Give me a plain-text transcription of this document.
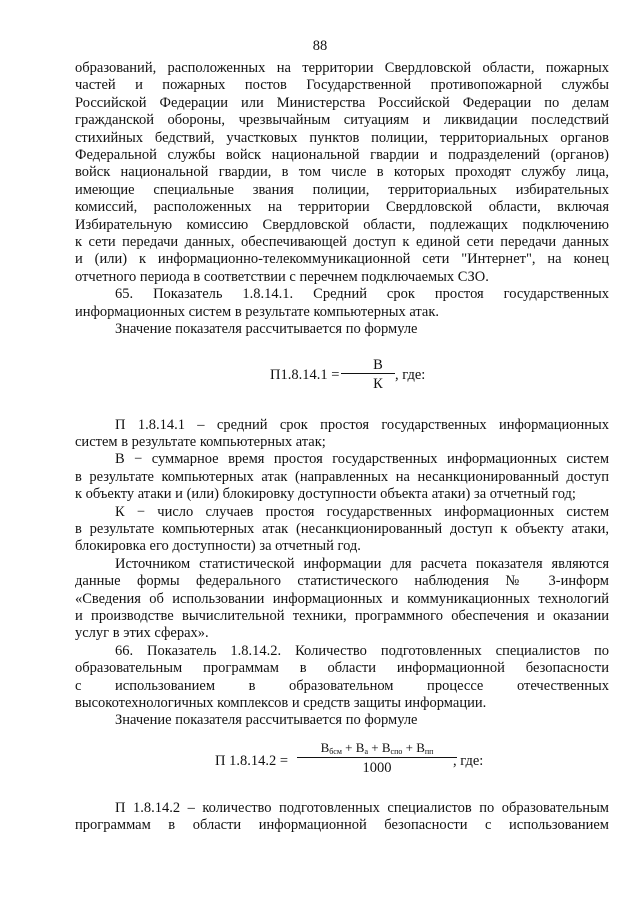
88
образований, расположенных на территории Свердловской области, пожарных
частей и пожарных постов Государственной противопожарной службы
Российской Федерации или Министерства Российской Федерации по делам
гражданской обороны, чрезвычайным ситуациям и ликвидации последствий
стихийных бедствий, участковых пунктов полиции, территориальных органов
Федеральной службы войск национальной гвардии и подразделений (органов)
войск национальной гвардии, в том числе в которых проходят службу лица,
имеющие специальные звания полиции, территориальных избирательных
комиссий, расположенных на территории Свердловской области, включая
Избирательную комиссию Свердловской области, подлежащих подключению
к сети передачи данных, обеспечивающей доступ к единой сети передачи данных
и (или) к информационно-телекоммуникационной сети "Интернет", на конец
отчетного периода в соответствии с перечнем подключаемых СЗО.
65. Показатель 1.8.14.1. Средний срок простоя государственных
информационных систем в результате компьютерных атак.
Значение показателя рассчитывается по формуле
П1.8.14.1 =
В
К
, где:
П 1.8.14.1 – средний срок простоя государственных информационных
систем в результате компьютерных атак;
В − суммарное время простоя государственных информационных систем
в результате компьютерных атак (направленных на несанкционированный доступ
к объекту атаки и (или) блокировку доступности объекта атаки) за отчетный год;
К − число случаев простоя государственных информационных систем
в результате компьютерных атак (несанкционированный доступ к объекту атаки,
блокировка его доступности) за отчетный год.
Источником статистической информации для расчета показателя являются
данные формы федерального статистического наблюдения № 3-информ
«Сведения об использовании информационных и коммуникационных технологий
и производстве вычислительной техники, программного обеспечения и оказании
услуг в этих сферах».
66. Показатель 1.8.14.2. Количество подготовленных специалистов по
образовательным программам в области информационной безопасности
с использованием в образовательном процессе отечественных
высокотехнологичных комплексов и средств защиты информации.
Значение показателя рассчитывается по формуле
П 1.8.14.2 =
$В_{бсм} + В_а + В_{спо} + В_{пп}$
1000	, где:
П 1.8.14.2 – количество подготовленных специалистов по образовательным
программам в области информационной безопасности с использованием
